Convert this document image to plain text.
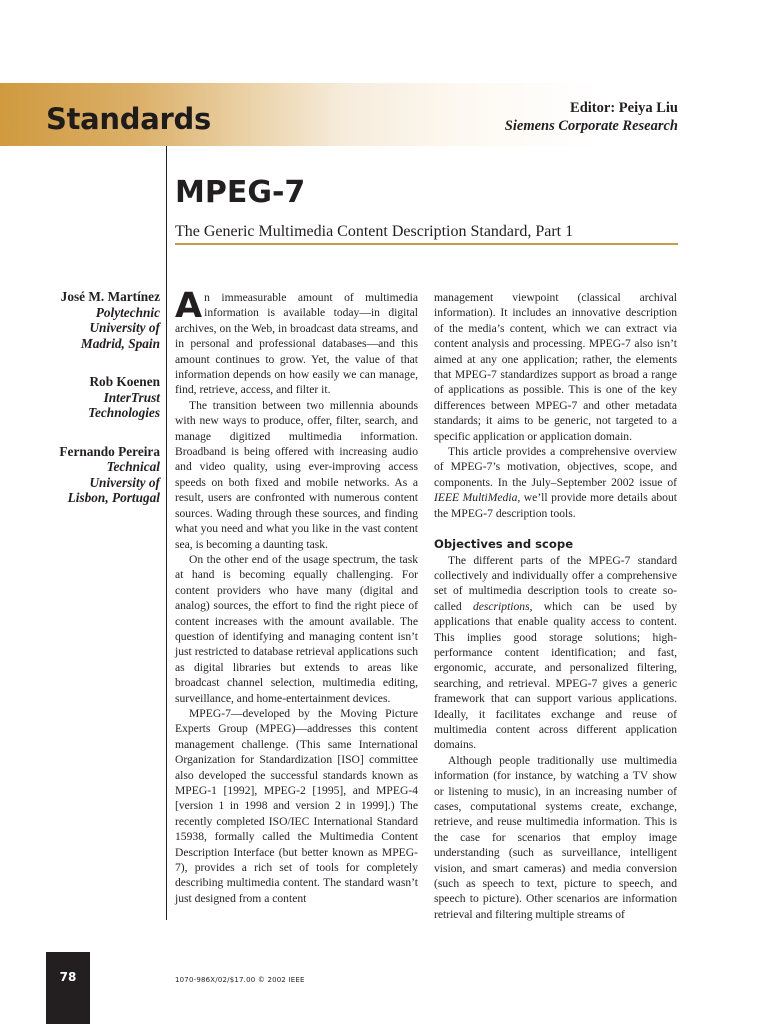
Standards	Editor: Peiya Liu
Siemens Corporate Research
MPEG-7
The Generic Multimedia Content Description Standard, Part 1
José M. Martínez
Polytechnic
University of
Madrid, Spain
Rob Koenen
InterTrust
Technologies
Fernando Pereira
Technical
University of
Lisbon, Portugal

An immeasurable amount of multimedia information is available today—in digital archives, on the Web, in broadcast data streams, and in personal and professional databases—and this amount continues to grow. Yet, the value of that information depends on how easily we can manage, find, retrieve, access, and filter it.

The transition between two millennia abounds with new ways to produce, offer, filter, search, and manage digitized multimedia information. Broadband is being offered with increasing audio and video quality, using ever-improving access speeds on both fixed and mobile networks. As a result, users are confronted with numerous content sources. Wading through these sources, and finding what you need and what you like in the vast content sea, is becoming a daunting task.

On the other end of the usage spectrum, the task at hand is becoming equally challenging. For content providers who have many (digital and analog) sources, the effort to find the right piece of content increases with the amount available. The question of identifying and managing content isn’t just restricted to database retrieval applications such as digital libraries but extends to areas like broadcast channel selection, multimedia editing, surveillance, and home-entertainment devices.

MPEG-7—developed by the Moving Picture Experts Group (MPEG)—addresses this content management challenge. (This same International Organization for Standardization [ISO] committee also developed the successful standards known as MPEG-1 [1992], MPEG-2 [1995], and MPEG-4 [version 1 in 1998 and version 2 in 1999].) The recently completed ISO/IEC International Standard 15938, formally called the Multimedia Content Description Interface (but better known as MPEG-7), provides a rich set of tools for completely describing multimedia content. The standard wasn’t just designed from a content

management viewpoint (classical archival information). It includes an innovative description of the media’s content, which we can extract via content analysis and processing. MPEG-7 also isn’t aimed at any one application; rather, the elements that MPEG-7 standardizes support as broad a range of applications as possible. This is one of the key differences between MPEG-7 and other metadata standards; it aims to be generic, not targeted to a specific application or application domain.

This article provides a comprehensive overview of MPEG-7’s motivation, objectives, scope, and components. In the July–September 2002 issue of IEEE MultiMedia, we’ll provide more details about the MPEG-7 description tools.

Objectives and scope

The different parts of the MPEG-7 standard collectively and individually offer a comprehensive set of multimedia description tools to create so-called descriptions, which can be used by applications that enable quality access to content. This implies good storage solutions; high-performance content identification; and fast, ergonomic, accurate, and personalized filtering, searching, and retrieval. MPEG-7 gives a generic framework that can support various applications. Ideally, it facilitates exchange and reuse of multimedia content across different application domains.

Although people traditionally use multimedia information (for instance, by watching a TV show or listening to music), in an increasing number of cases, computational systems create, exchange, retrieve, and reuse multimedia information. This is the case for scenarios that employ image understanding (such as surveillance, intelligent vision, and smart cameras) and media conversion (such as speech to text, picture to speech, and speech to picture). Other scenarios are information retrieval and filtering multiple streams of

78	1070-986X/02/$17.00 © 2002 IEEE
